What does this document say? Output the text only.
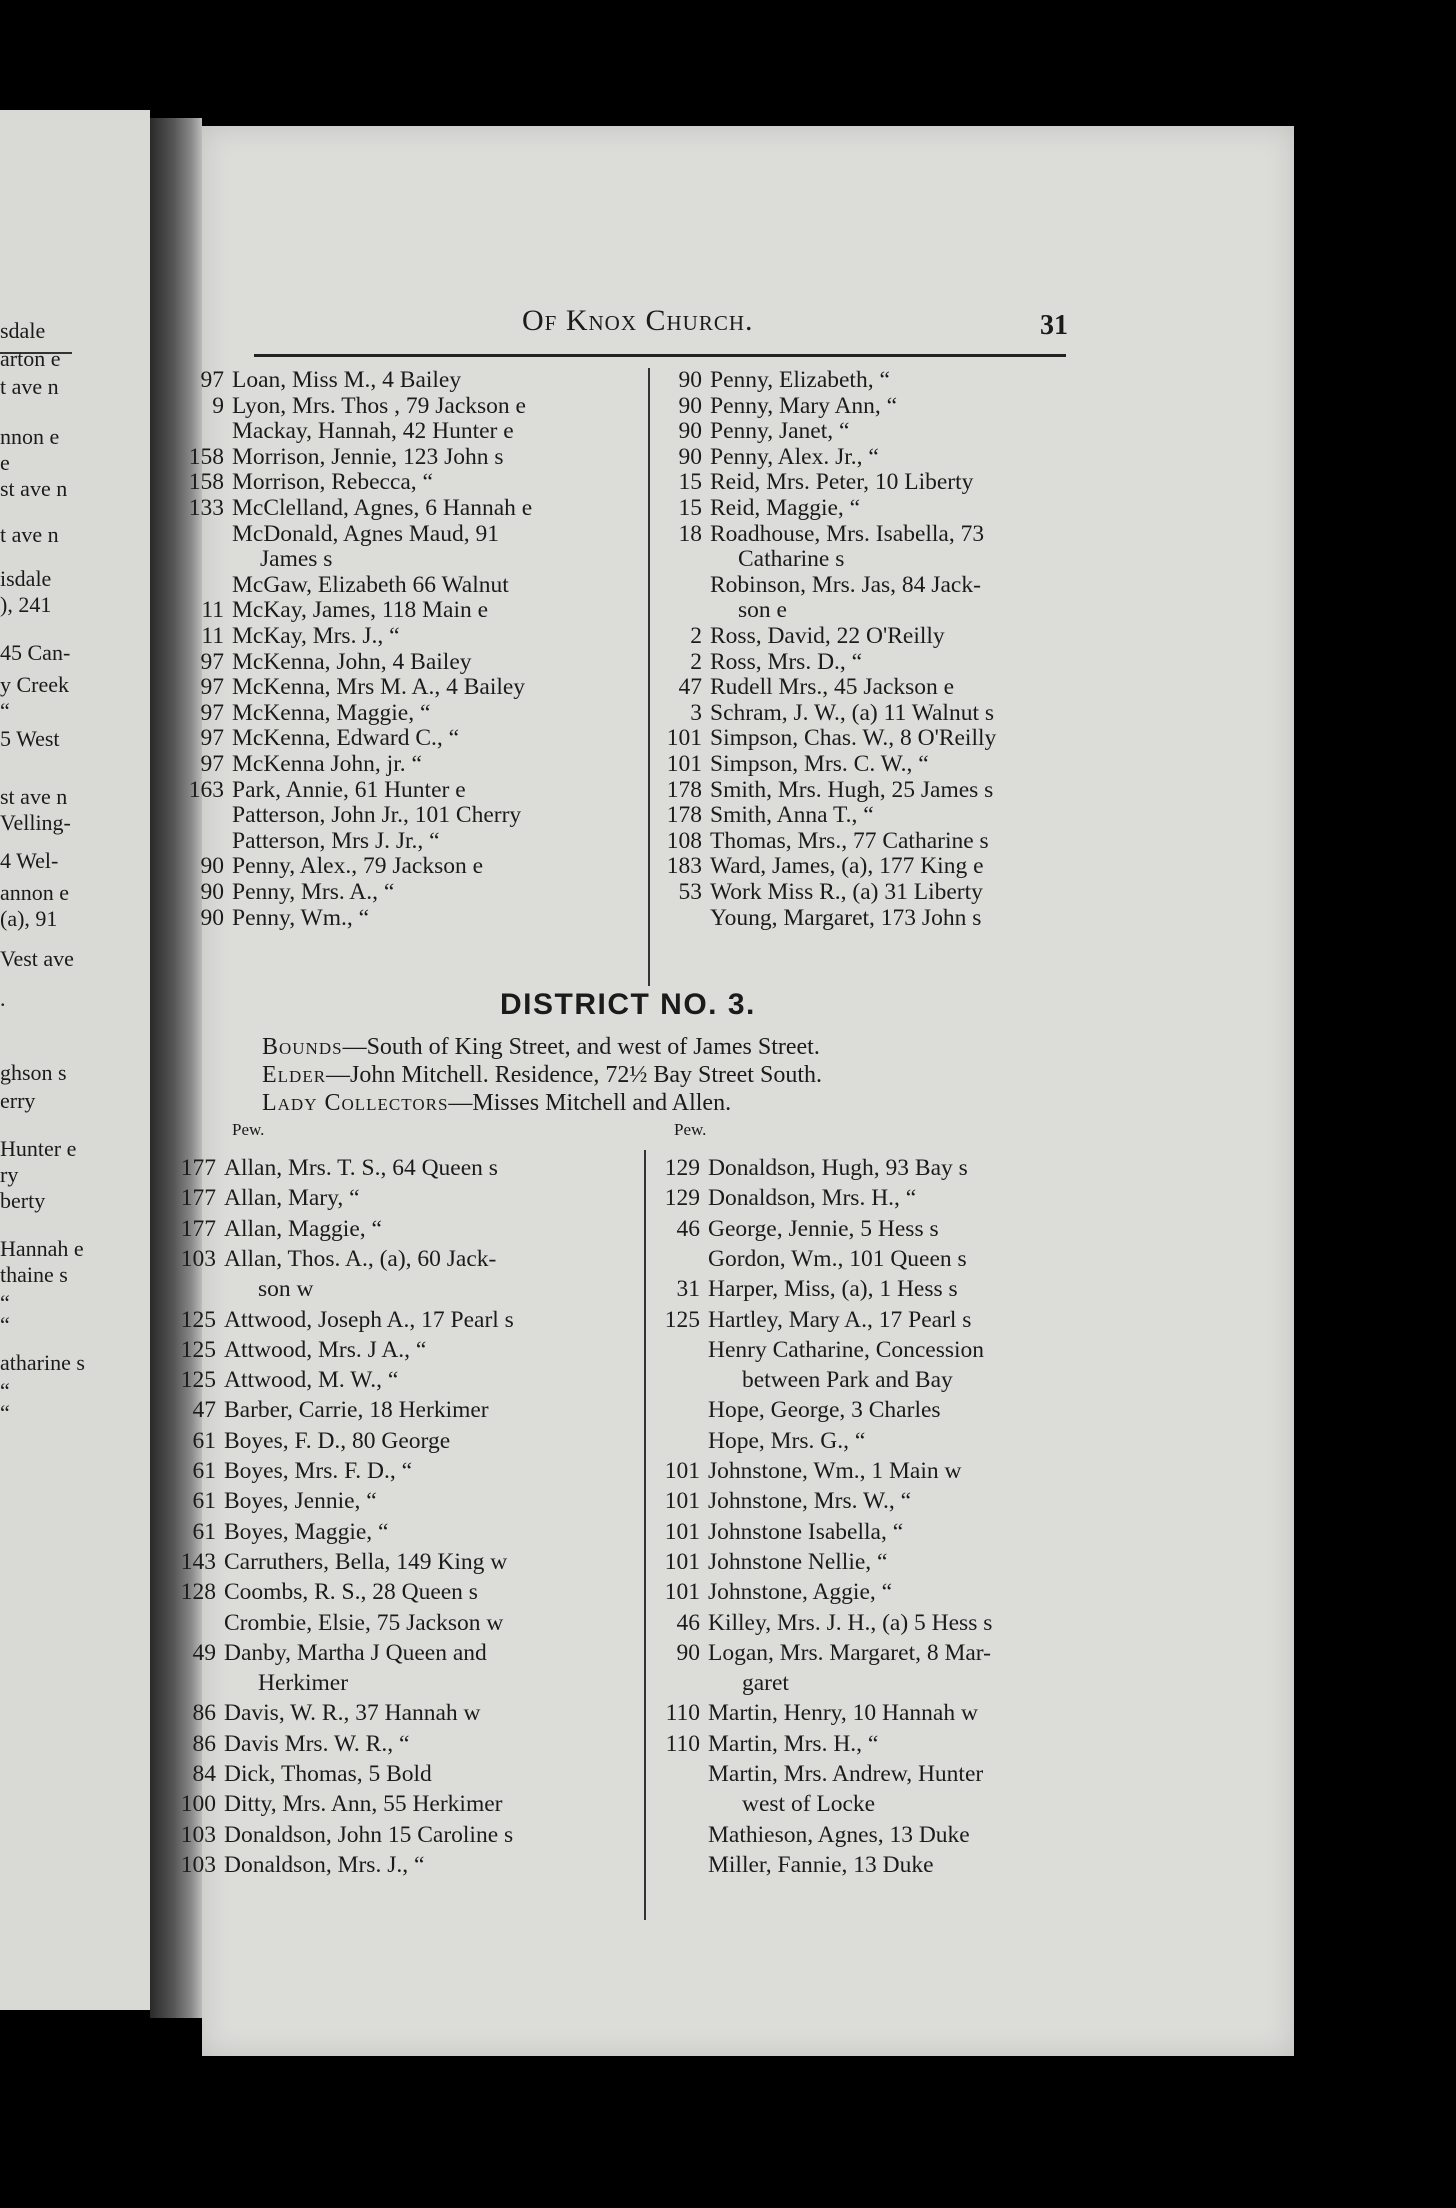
sdale
arton e
t ave n
nnon e
e
st ave n
t ave n
isdale
), 241
45 Can-
y Creek
“
5 West
st ave n
Velling-
4 Wel-
annon e
(a), 91
Vest ave
.
ghson s
erry
Hunter e
ry
berty
Hannah e
thaine s
“
“
atharine s
“
“
Of Knox Church.	31
97 Loan, Miss M., 4 Bailey
9 Lyon, Mrs. Thos , 79 Jackson e
Mackay, Hannah, 42 Hunter e
158 Morrison, Jennie, 123 John s
158 Morrison, Rebecca, “
133 McClelland, Agnes, 6 Hannah e
McDonald, Agnes Maud, 91
James s
McGaw, Elizabeth 66 Walnut
11 McKay, James, 118 Main e
11 McKay, Mrs. J., “
97 McKenna, John, 4 Bailey
97 McKenna, Mrs M. A., 4 Bailey
97 McKenna, Maggie, “
97 McKenna, Edward C., “
97 McKenna John, jr. “
163 Park, Annie, 61 Hunter e
Patterson, John Jr., 101 Cherry
Patterson, Mrs J. Jr., “
90 Penny, Alex., 79 Jackson e
90 Penny, Mrs. A., “
90 Penny, Wm., “
90 Penny, Elizabeth, “
90 Penny, Mary Ann, “
90 Penny, Janet, “
90 Penny, Alex. Jr., “
15 Reid, Mrs. Peter, 10 Liberty
15 Reid, Maggie, “
18 Roadhouse, Mrs. Isabella, 73
Catharine s
Robinson, Mrs. Jas, 84 Jack-
son e
2 Ross, David, 22 O'Reilly
2 Ross, Mrs. D., “
47 Rudell Mrs., 45 Jackson e
3 Schram, J. W., (a) 11 Walnut s
101 Simpson, Chas. W., 8 O'Reilly
101 Simpson, Mrs. C. W., “
178 Smith, Mrs. Hugh, 25 James s
178 Smith, Anna T., “
108 Thomas, Mrs., 77 Catharine s
183 Ward, James, (a), 177 King e
53 Work Miss R., (a) 31 Liberty
Young, Margaret, 173 John s
DISTRICT NO. 3.
Bounds—South of King Street, and west of James Street.
Elder—John Mitchell. Residence, 72½ Bay Street South.
Lady Collectors—Misses Mitchell and Allen.
Pew.	Pew.
177 Allan, Mrs. T. S., 64 Queen s
177 Allan, Mary, “
177 Allan, Maggie, “
103 Allan, Thos. A., (a), 60 Jack-
son w
125 Attwood, Joseph A., 17 Pearl s
125 Attwood, Mrs. J A., “
125 Attwood, M. W., “
47 Barber, Carrie, 18 Herkimer
61 Boyes, F. D., 80 George
61 Boyes, Mrs. F. D., “
61 Boyes, Jennie, “
61 Boyes, Maggie, “
143 Carruthers, Bella, 149 King w
128 Coombs, R. S., 28 Queen s
Crombie, Elsie, 75 Jackson w
49 Danby, Martha J Queen and
Herkimer
86 Davis, W. R., 37 Hannah w
86 Davis Mrs. W. R., “
84 Dick, Thomas, 5 Bold
100 Ditty, Mrs. Ann, 55 Herkimer
103 Donaldson, John 15 Caroline s
103 Donaldson, Mrs. J., “
129 Donaldson, Hugh, 93 Bay s
129 Donaldson, Mrs. H., “
46 George, Jennie, 5 Hess s
Gordon, Wm., 101 Queen s
31 Harper, Miss, (a), 1 Hess s
125 Hartley, Mary A., 17 Pearl s
Henry Catharine, Concession
between Park and Bay
Hope, George, 3 Charles
Hope, Mrs. G., “
101 Johnstone, Wm., 1 Main w
101 Johnstone, Mrs. W., “
101 Johnstone Isabella, “
101 Johnstone Nellie, “
101 Johnstone, Aggie, “
46 Killey, Mrs. J. H., (a) 5 Hess s
90 Logan, Mrs. Margaret, 8 Mar-
garet
110 Martin, Henry, 10 Hannah w
110 Martin, Mrs. H., “
Martin, Mrs. Andrew, Hunter
west of Locke
Mathieson, Agnes, 13 Duke
Miller, Fannie, 13 Duke
